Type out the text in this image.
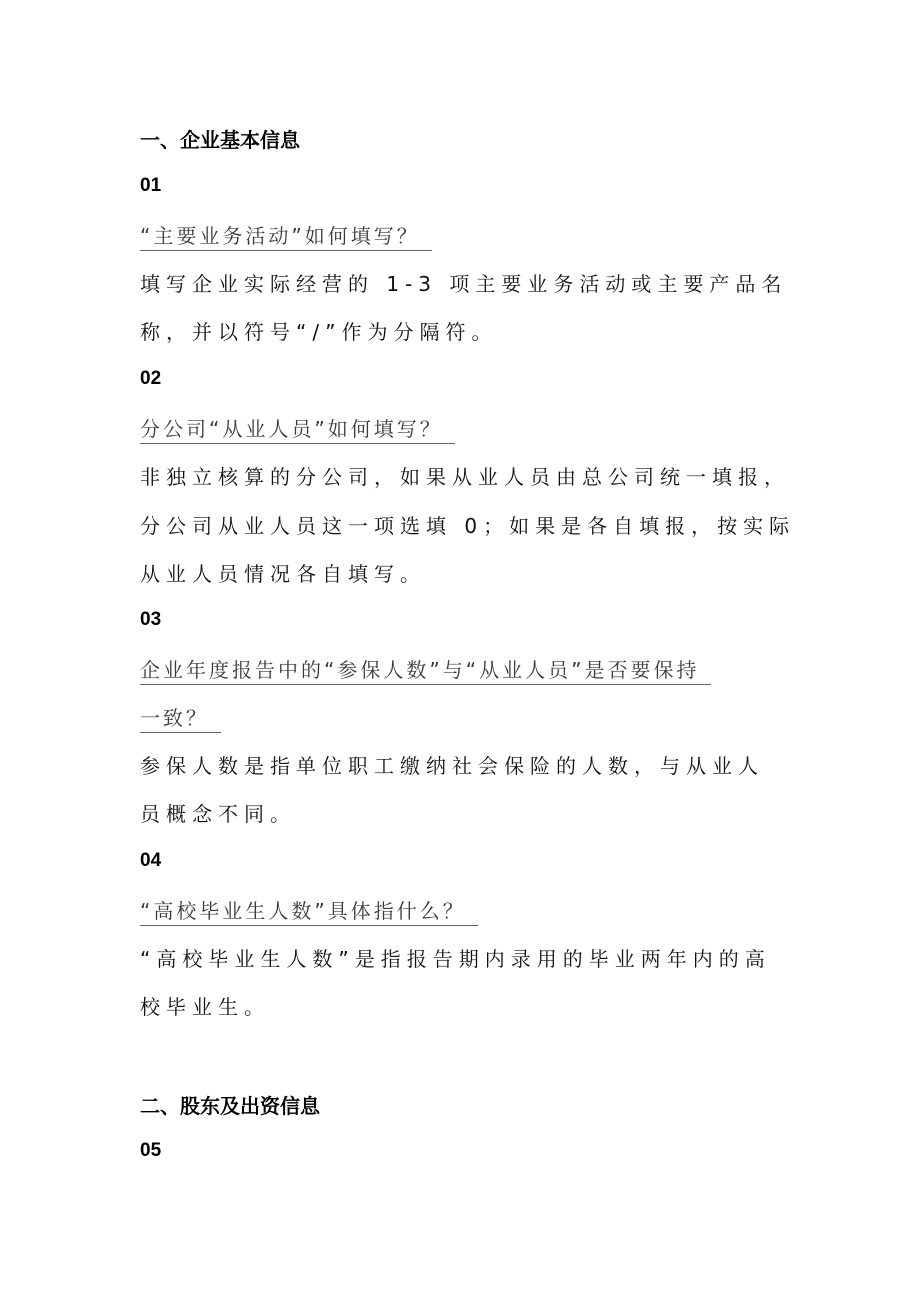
一、企业基本信息
01
“主要业务活动”如何填写？
填写企业实际经营的 1-3 项主要业务活动或主要产品名
称，并以符号“/”作为分隔符。
02
分公司“从业人员”如何填写？
非独立核算的分公司，如果从业人员由总公司统一填报，
分公司从业人员这一项选填 0；如果是各自填报，按实际
从业人员情况各自填写。
03
企业年度报告中的“参保人数”与“从业人员”是否要保持
一致？
参保人数是指单位职工缴纳社会保险的人数，与从业人
员概念不同。
04
“高校毕业生人数”具体指什么？
“高校毕业生人数”是指报告期内录用的毕业两年内的高
校毕业生。
二、股东及出资信息
05
